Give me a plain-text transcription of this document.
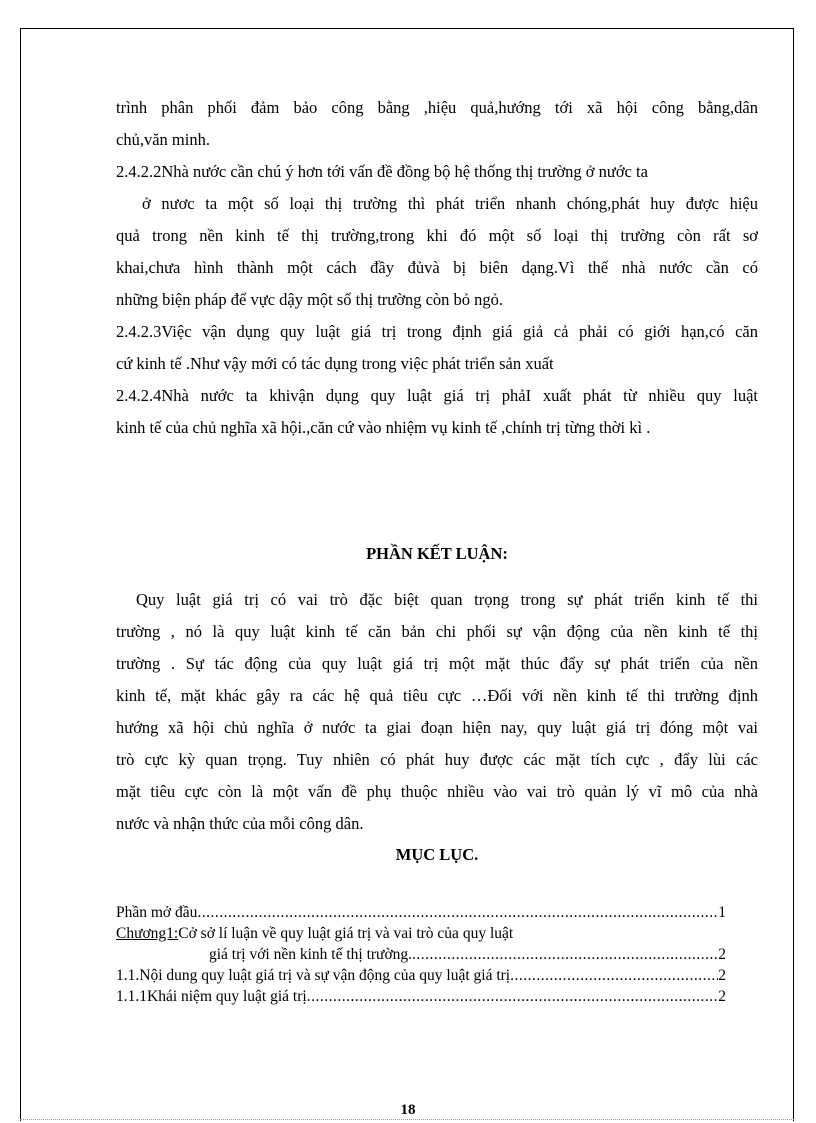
trình phân phối đảm bảo công bằng ,hiệu quả,hướng tới xã hội công bằng,dân
chủ,văn minh.
2.4.2.2Nhà nước cần chú ý hơn tới vấn đề đồng bộ hệ thống thị trường ở nước ta
ở nươc ta một số loại thị trường thì phát triển nhanh chóng,phát huy được hiệu
quả trong nền kinh tế thị trường,trong khi đó một số loại thị trường còn rất sơ
khai,chưa hình thành một cách đầy đủvà bị biên dạng.Vì thế nhà nước cần có
những biện pháp để vực dậy một số thị trường còn bỏ ngỏ.
2.4.2.3Việc vận dụng quy luật giá trị trong định giá giả cả phải có giới hạn,có căn
cứ kinh tế .Như vậy mới có tác dụng trong việc phát triển sản xuất
2.4.2.4Nhà nước ta khivận dụng quy luật giá trị phảI xuất phát từ nhiều quy luật
kinh tế của chủ nghĩa xã hội.,căn cứ vào nhiệm vụ kinh tế ,chính trị từng thời kì .
PHẦN KẾT LUẬN:
Quy luật giá trị có vai trò đặc biệt quan trọng trong sự phát triển kinh tế thi
trường , nó là quy luật kinh tế căn bản chi phối sự vận động của nền kinh tế thị
trường . Sự tác động của quy luật giá trị một mặt thúc đẩy sự phát triển của nền
kinh tế, mặt khác gây ra các hệ quả tiêu cực …Đối với nền kinh tế thi trường định
hướng xã hội chủ nghĩa ở nước ta giai đoạn hiện nay, quy luật giá trị đóng một vai
trò cực kỳ quan trọng. Tuy nhiên có phát huy được các mặt tích cực , đẩy lùi các
mặt tiêu cực còn là một vấn đề phụ thuộc nhiều vào vai trò quản lý vĩ mô của nhà
nước và nhận thức của mỗi công dân.
MỤC LỤC.
Phần mở đầu .....	1
Chương1: Cở sở lí luận về quy luật giá trị và vai trò của quy luật
giá trị với nền kinh tế thị trường. .....	2
1.1.Nội dung quy luật giá trị và sự vận động của quy luật giá trị .....	2
1.1.1Khái niệm quy luật giá trị .....	2
18
